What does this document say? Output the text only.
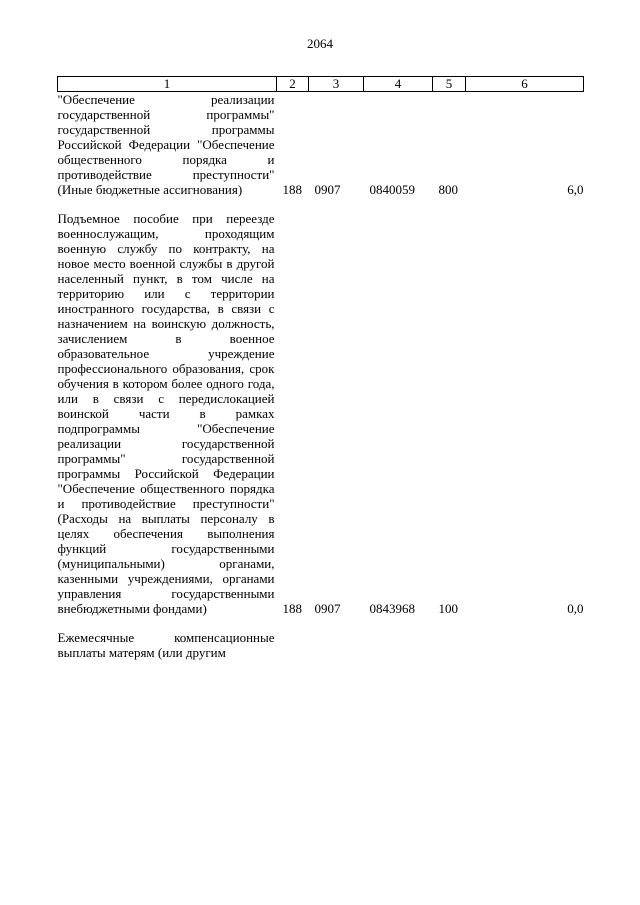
2064
1	2	3	4	5	6
"Обеспечение реализации государственной программы" государственной программы Российской Федерации "Обеспечение общественного порядка и противодействие преступности" (Иные бюджетные ассигнования)	188	0907	0840059	800	6,0

Подъемное пособие при переезде военнослужащим, проходящим военную службу по контракту, на новое место военной службы в другой населенный пункт, в том числе на территорию или с территории иностранного государства, в связи с назначением на воинскую должность, зачислением в военное образовательное учреждение профессионального образования, срок обучения в котором более одного года, или в связи с передислокацией воинской части в рамках подпрограммы "Обеспечение реализации государственной программы" государственной программы Российской Федерации "Обеспечение общественного порядка и противодействие преступности" (Расходы на выплаты персоналу в целях обеспечения выполнения функций государственными (муниципальными) органами, казенными учреждениями, органами управления государственными внебюджетными фондами)	188	0907	0843968	100	0,0

Ежемесячные компенсационные выплаты матерям (или другим					
